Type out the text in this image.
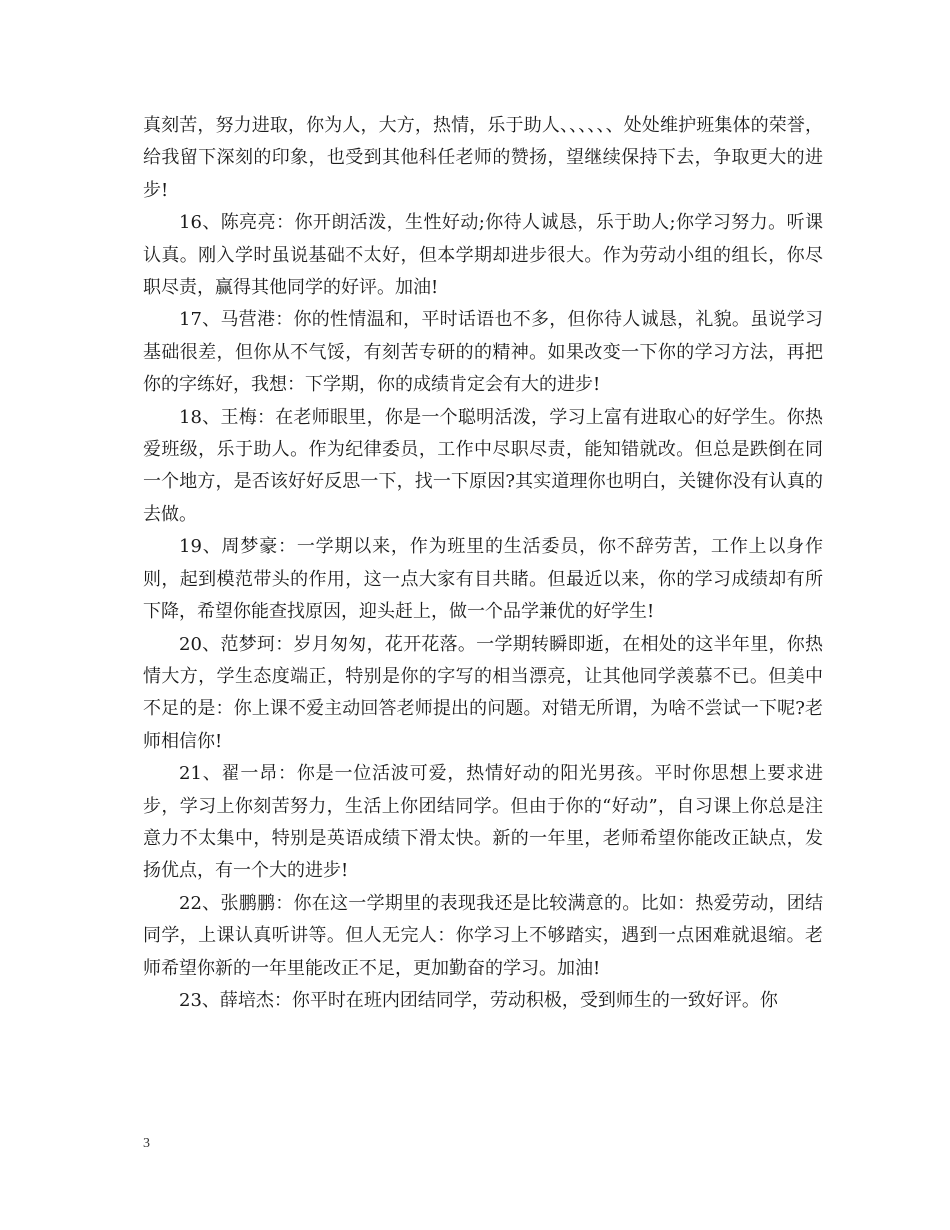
真刻苦，努力进取，你为人，大方，热情，乐于助人、、、、、、处处维护班集体的荣誉，给我留下深刻的印象，也受到其他科任老师的赞扬，望继续保持下去，争取更大的进步!

16、陈亮亮：你开朗活泼，生性好动;你待人诚恳，乐于助人;你学习努力。听课认真。刚入学时虽说基础不太好，但本学期却进步很大。作为劳动小组的组长，你尽职尽责，赢得其他同学的好评。加油!

17、马营港：你的性情温和，平时话语也不多，但你待人诚恳，礼貌。虽说学习基础很差，但你从不气馁，有刻苦专研的的精神。如果改变一下你的学习方法，再把你的字练好，我想：下学期，你的成绩肯定会有大的进步!

18、王梅：在老师眼里，你是一个聪明活泼，学习上富有进取心的好学生。你热爱班级，乐于助人。作为纪律委员，工作中尽职尽责，能知错就改。但总是跌倒在同一个地方，是否该好好反思一下，找一下原因?其实道理你也明白，关键你没有认真的去做。

19、周梦豪：一学期以来，作为班里的生活委员，你不辞劳苦，工作上以身作则，起到模范带头的作用，这一点大家有目共睹。但最近以来，你的学习成绩却有所下降，希望你能查找原因，迎头赶上，做一个品学兼优的好学生!

20、范梦珂：岁月匆匆，花开花落。一学期转瞬即逝，在相处的这半年里，你热情大方，学生态度端正，特别是你的字写的相当漂亮，让其他同学羡慕不已。但美中不足的是：你上课不爱主动回答老师提出的问题。对错无所谓，为啥不尝试一下呢?老师相信你!

21、翟一昂：你是一位活波可爱，热情好动的阳光男孩。平时你思想上要求进步，学习上你刻苦努力，生活上你团结同学。但由于你的“好动”，自习课上你总是注意力不太集中，特别是英语成绩下滑太快。新的一年里，老师希望你能改正缺点，发扬优点，有一个大的进步!

22、张鹏鹏：你在这一学期里的表现我还是比较满意的。比如：热爱劳动，团结同学，上课认真听讲等。但人无完人：你学习上不够踏实，遇到一点困难就退缩。老师希望你新的一年里能改正不足，更加勤奋的学习。加油!

23、薛培杰：你平时在班内团结同学，劳动积极，受到师生的一致好评。你

3
